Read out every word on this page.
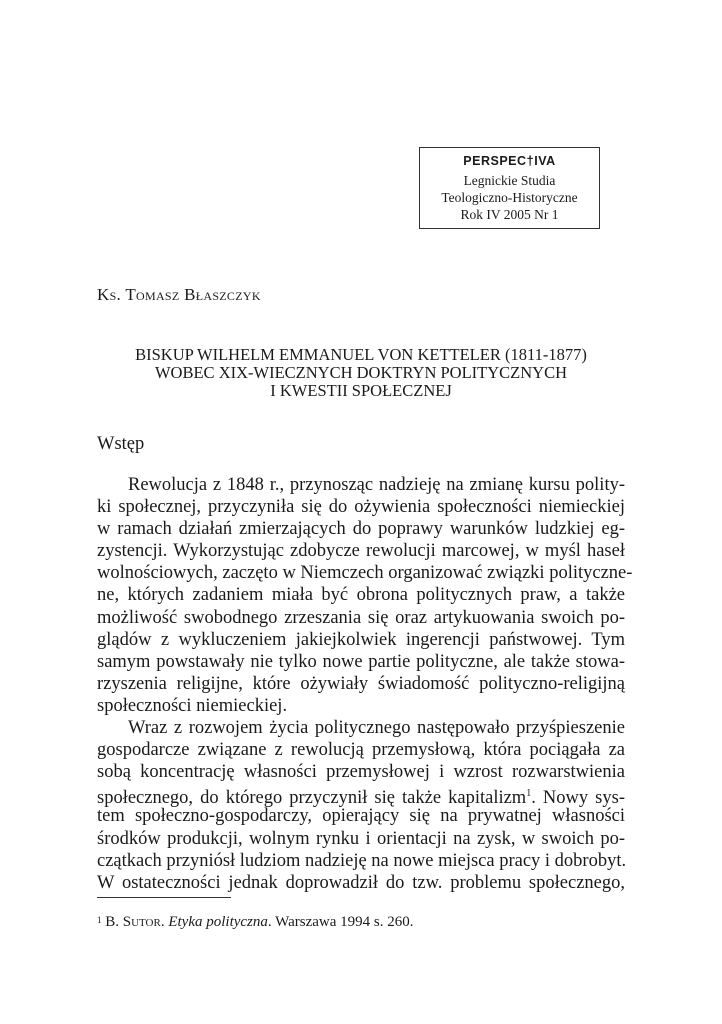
PERSPEC†IVA
Legnickie Studia
Teologiczno-Historyczne
Rok IV 2005 Nr 1
Ks. Tomasz Błaszczyk
BISKUP WILHELM EMMANUEL VON KETTELER (1811-1877)
WOBEC XIX-WIECZNYCH DOKTRYN POLITYCZNYCH
I KWESTII SPOŁECZNEJ
Wstęp
Rewolucja z 1848 r., przynosząc nadzieję na zmianę kursu polity-
ki społecznej, przyczyniła się do ożywienia społeczności niemieckiej
w ramach działań zmierzających do poprawy warunków ludzkiej eg-
zystencji. Wykorzystując zdobycze rewolucji marcowej, w myśl haseł
wolnościowych, zaczęto w Niemczech organizować związki polityczne-
ne, których zadaniem miała być obrona politycznych praw, a także
możliwość swobodnego zrzeszania się oraz artykuowania swoich po-
glądów z wykluczeniem jakiejkolwiek ingerencji państwowej. Tym
samym powstawały nie tylko nowe partie polityczne, ale także stowa-
rzyszenia religijne, które ożywiały świadomość polityczno-religijną
społeczności niemieckiej.
Wraz z rozwojem życia politycznego następowało przyśpieszenie
gospodarcze związane z rewolucją przemysłową, która pociągała za
sobą koncentrację własności przemysłowej i wzrost rozwarstwienia
społecznego, do którego przyczynił się także kapitalizm$^1$. Nowy sys-
tem społeczno-gospodarczy, opierający się na prywatnej własności
środków produkcji, wolnym rynku i orientacji na zysk, w swoich po-
czątkach przyniósł ludziom nadzieję na nowe miejsca pracy i dobrobyt.
W ostateczności jednak doprowadził do tzw. problemu społecznego,
$^1$ B. Sutor. Etyka polityczna. Warszawa 1994 s. 260.
